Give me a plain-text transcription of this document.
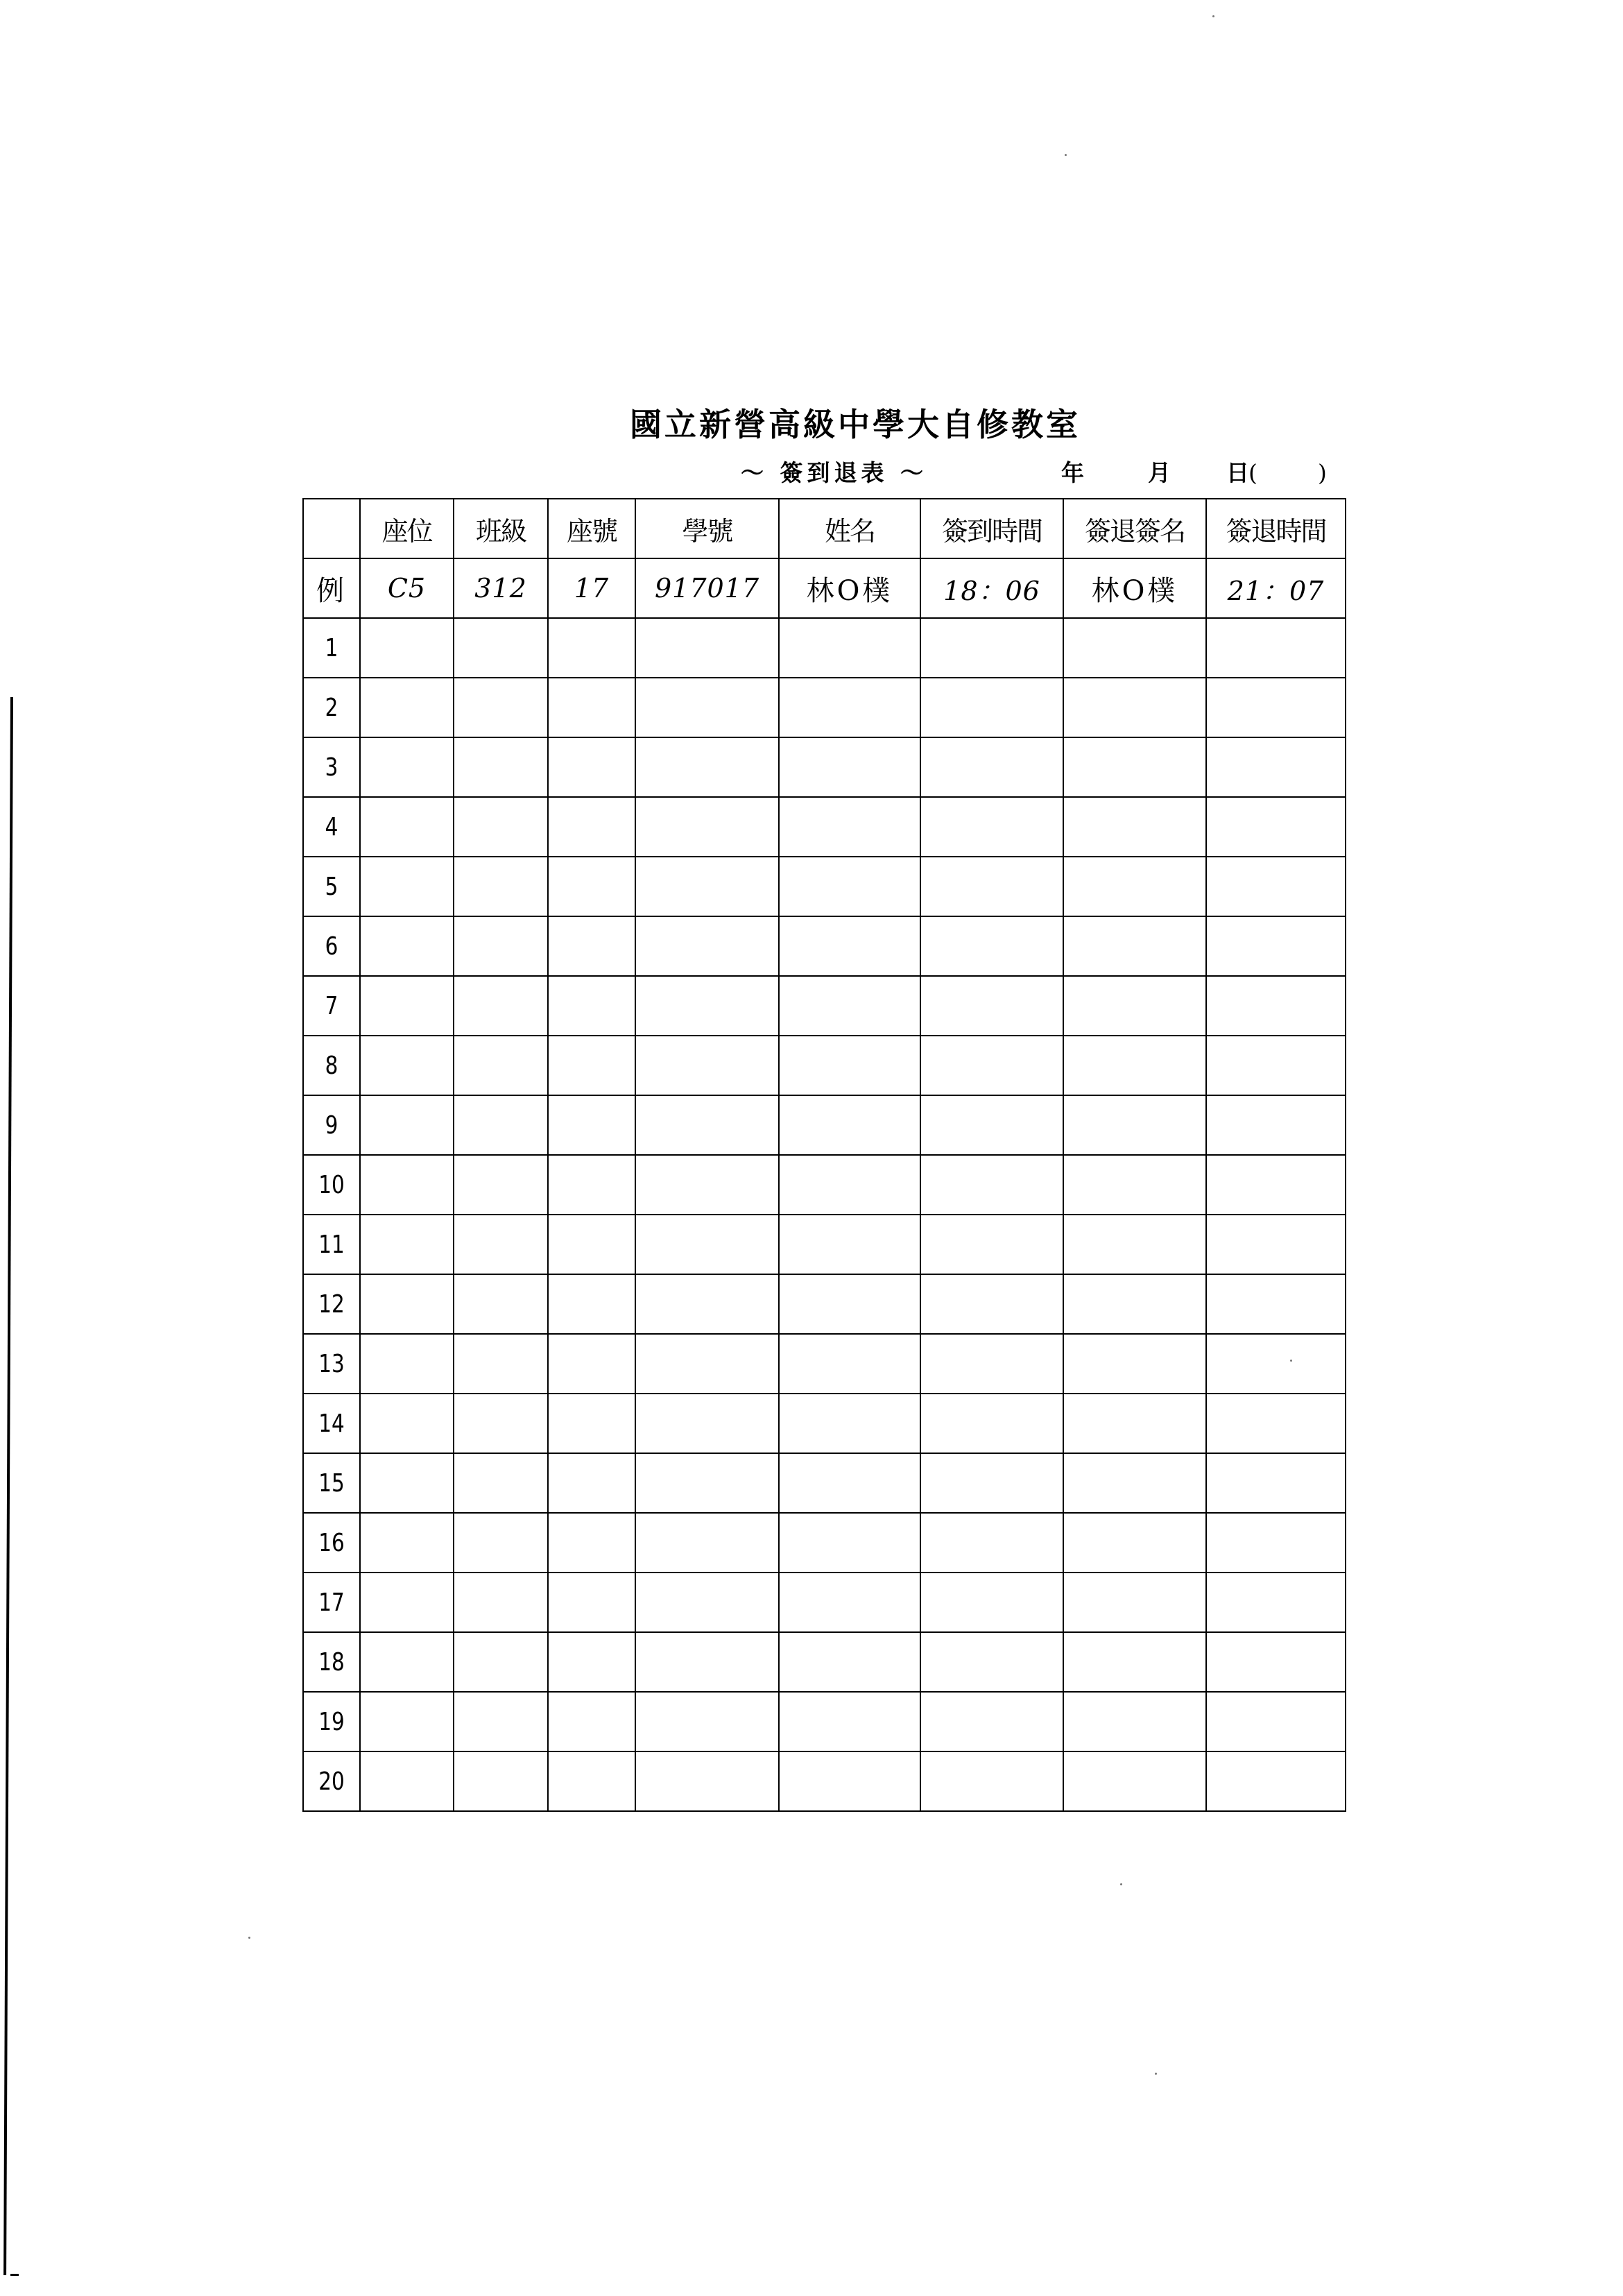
國立新營高級中學大自修教室
～ 簽到退表 ～	年	月 日 (	)
	座位	班級	座號	學號	姓名	簽到時間	簽退簽名	簽退時間
例	C5	312	17	917017	林O樸	18：06	林O樸	21：07
1								
2								
3								
4								
5								
6								
7								
8								
9								
10								
11								
12								
13								
14								
15								
16								
17								
18								
19								
20								
